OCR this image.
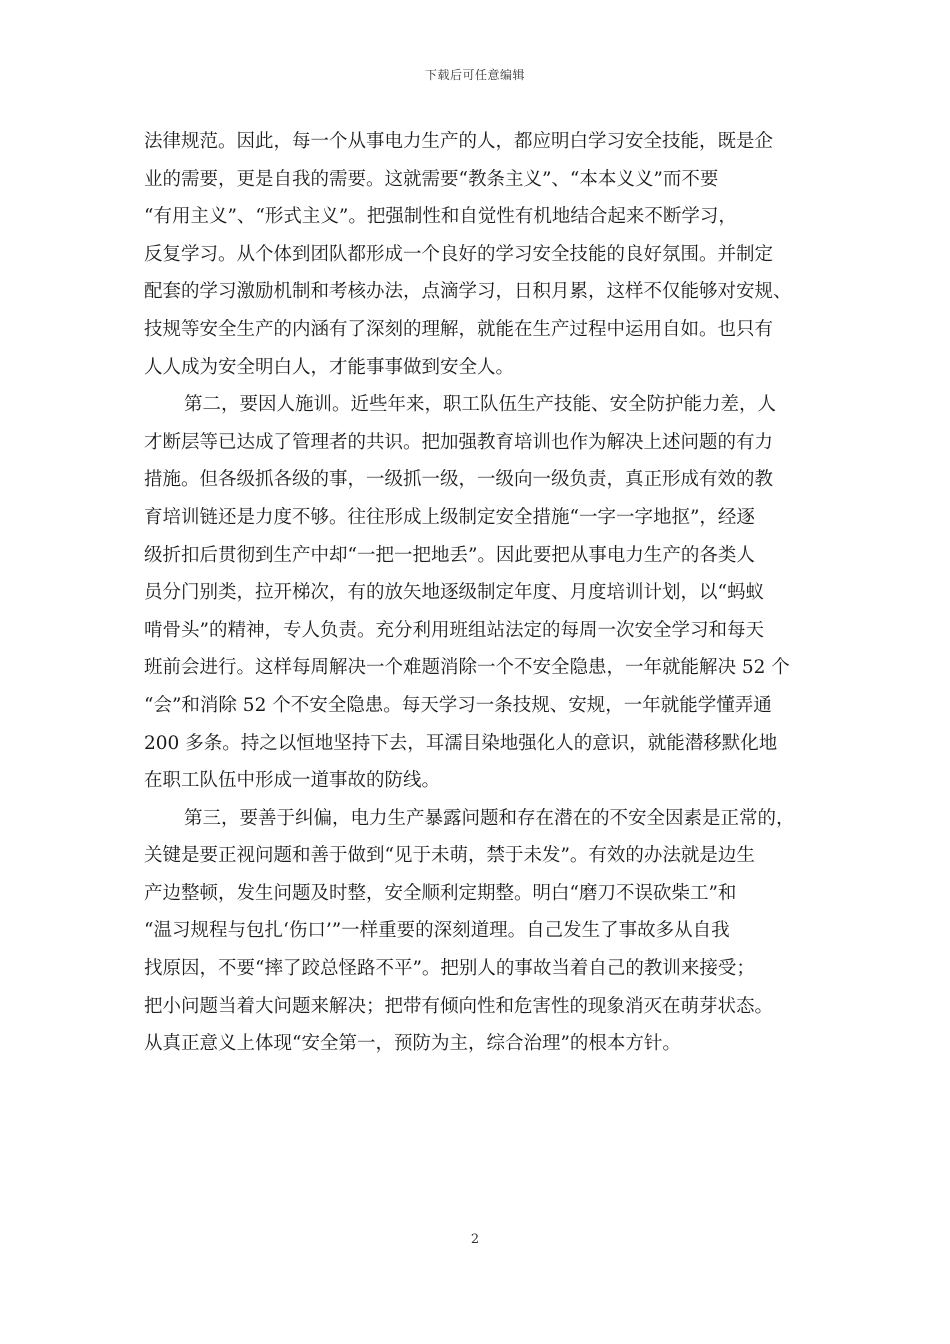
下载后可任意编辑
法律规范。因此，每一个从事电力生产的人，都应明白学习安全技能，既是企
业的需要，更是自我的需要。这就需要“教条主义”、“本本义义”而不要
“有用主义”、“形式主义”。把强制性和自觉性有机地结合起来不断学习，
反复学习。从个体到团队都形成一个良好的学习安全技能的良好氛围。并制定
配套的学习激励机制和考核办法，点滴学习，日积月累，这样不仅能够对安规、
技规等安全生产的内涵有了深刻的理解，就能在生产过程中运用自如。也只有
人人成为安全明白人，才能事事做到安全人。
第二，要因人施训。近些年来，职工队伍生产技能、安全防护能力差，人
才断层等已达成了管理者的共识。把加强教育培训也作为解决上述问题的有力
措施。但各级抓各级的事，一级抓一级，一级向一级负责，真正形成有效的教
育培训链还是力度不够。往往形成上级制定安全措施“一字一字地抠”，经逐
级折扣后贯彻到生产中却“一把一把地丢”。因此要把从事电力生产的各类人
员分门别类，拉开梯次，有的放矢地逐级制定年度、月度培训计划，以“蚂蚁
啃骨头”的精神，专人负责。充分利用班组站法定的每周一次安全学习和每天
班前会进行。这样每周解决一个难题消除一个不安全隐患，一年就能解决 52 个
“会”和消除 52 个不安全隐患。每天学习一条技规、安规，一年就能学懂弄通
200 多条。持之以恒地坚持下去，耳濡目染地强化人的意识，就能潜移默化地
在职工队伍中形成一道事故的防线。
第三，要善于纠偏，电力生产暴露问题和存在潜在的不安全因素是正常的，
关键是要正视问题和善于做到“见于未萌，禁于未发”。有效的办法就是边生
产边整顿，发生问题及时整，安全顺利定期整。明白“磨刀不误砍柴工”和
“温习规程与包扎‘伤口’”一样重要的深刻道理。自己发生了事故多从自我
找原因，不要“摔了跤总怪路不平”。把别人的事故当着自己的教训来接受；
把小问题当着大问题来解决；把带有倾向性和危害性的现象消灭在萌芽状态。
从真正意义上体现“安全第一，预防为主，综合治理”的根本方针。
2
